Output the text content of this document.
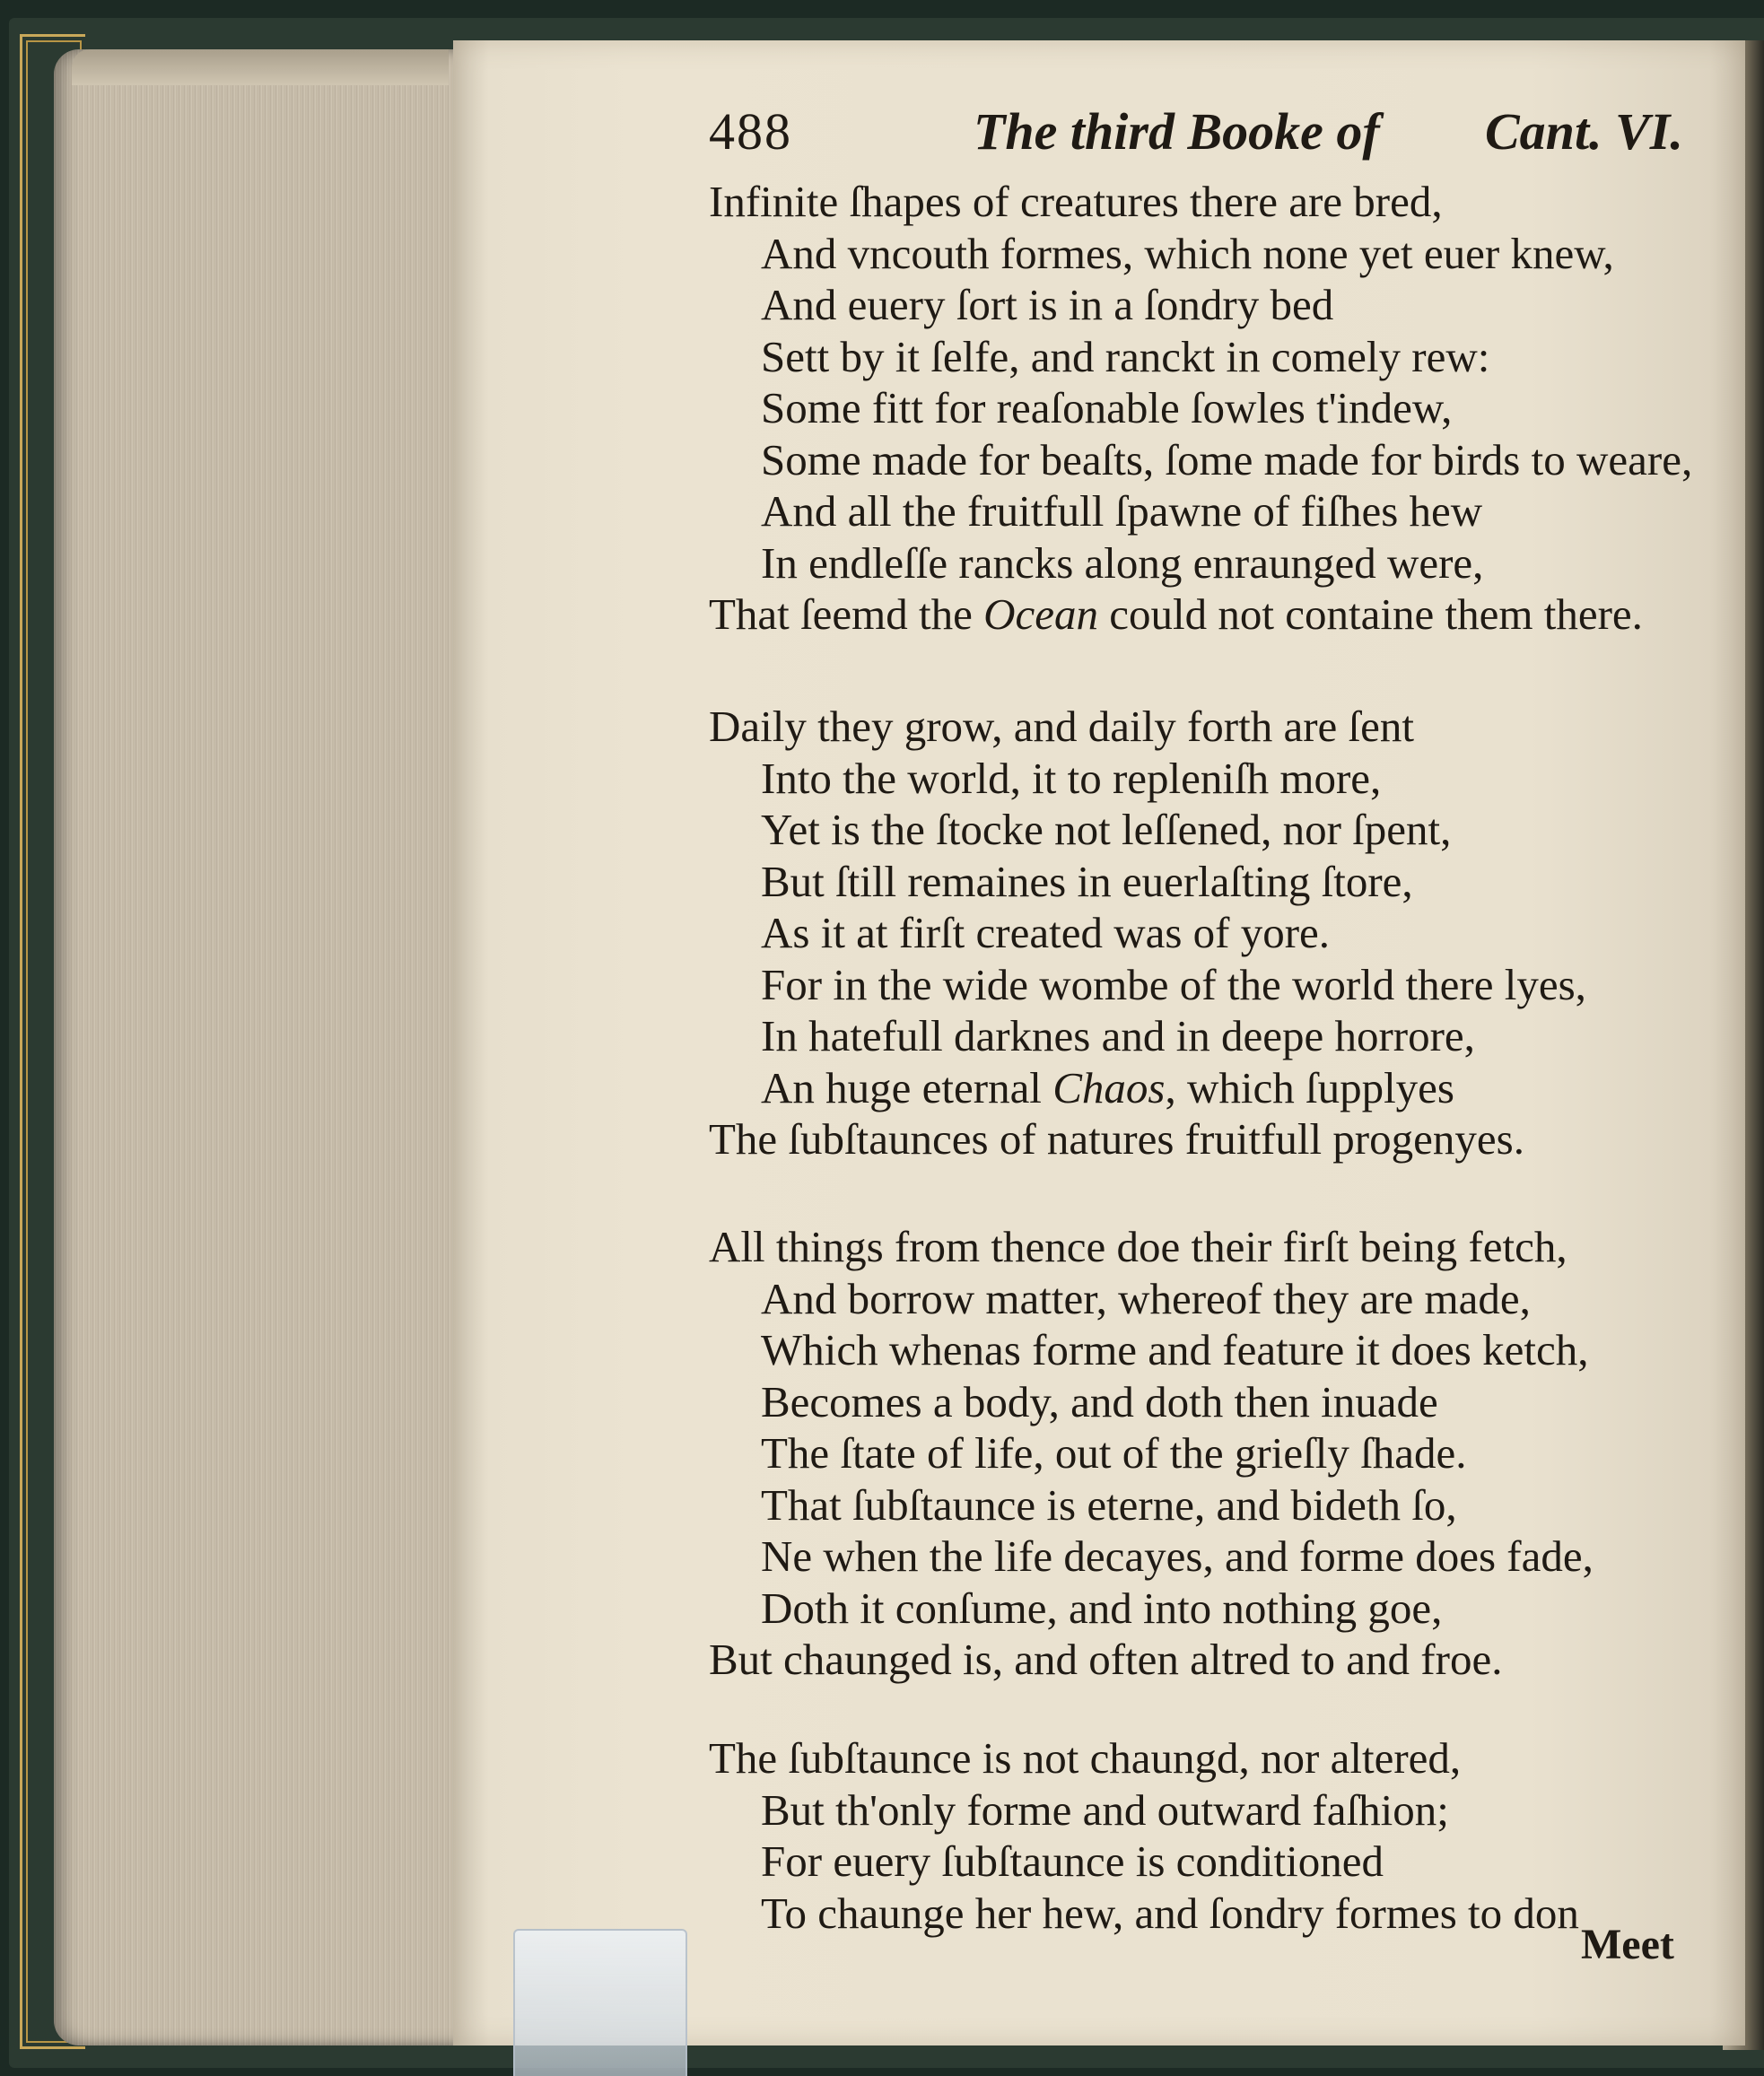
488	The third Booke of Cant. VI.
Infinite ſhapes of creatures there are bred,
And vncouth formes, which none yet euer knew,
And euery ſort is in a ſondry bed
Sett by it ſelfe, and ranckt in comely rew:
Some fitt for reaſonable ſowles t'indew,
Some made for beaſts, ſome made for birds to weare,
And all the fruitfull ſpawne of fiſhes hew
In endleſſe rancks along enraunged were,
That ſeemd the Ocean could not containe them there.
Daily they grow, and daily forth are ſent
Into the world, it to repleniſh more,
Yet is the ſtocke not leſſened, nor ſpent,
But ſtill remaines in euerlaſting ſtore,
As it at firſt created was of yore.
For in the wide wombe of the world there lyes,
In hatefull darknes and in deepe horrore,
An huge eternal Chaos, which ſupplyes
The ſubſtaunces of natures fruitfull progenyes.
All things from thence doe their firſt being fetch,
And borrow matter, whereof they are made,
Which whenas forme and feature it does ketch,
Becomes a body, and doth then inuade
The ſtate of life, out of the grieſly ſhade.
That ſubſtaunce is eterne, and bideth ſo,
Ne when the life decayes, and forme does fade,
Doth it conſume, and into nothing goe,
But chaunged is, and often altred to and froe.
The ſubſtaunce is not chaungd, nor altered,
But th'only forme and outward faſhion;
For euery ſubſtaunce is conditioned
To chaunge her hew, and ſondry formes to don
Meet
